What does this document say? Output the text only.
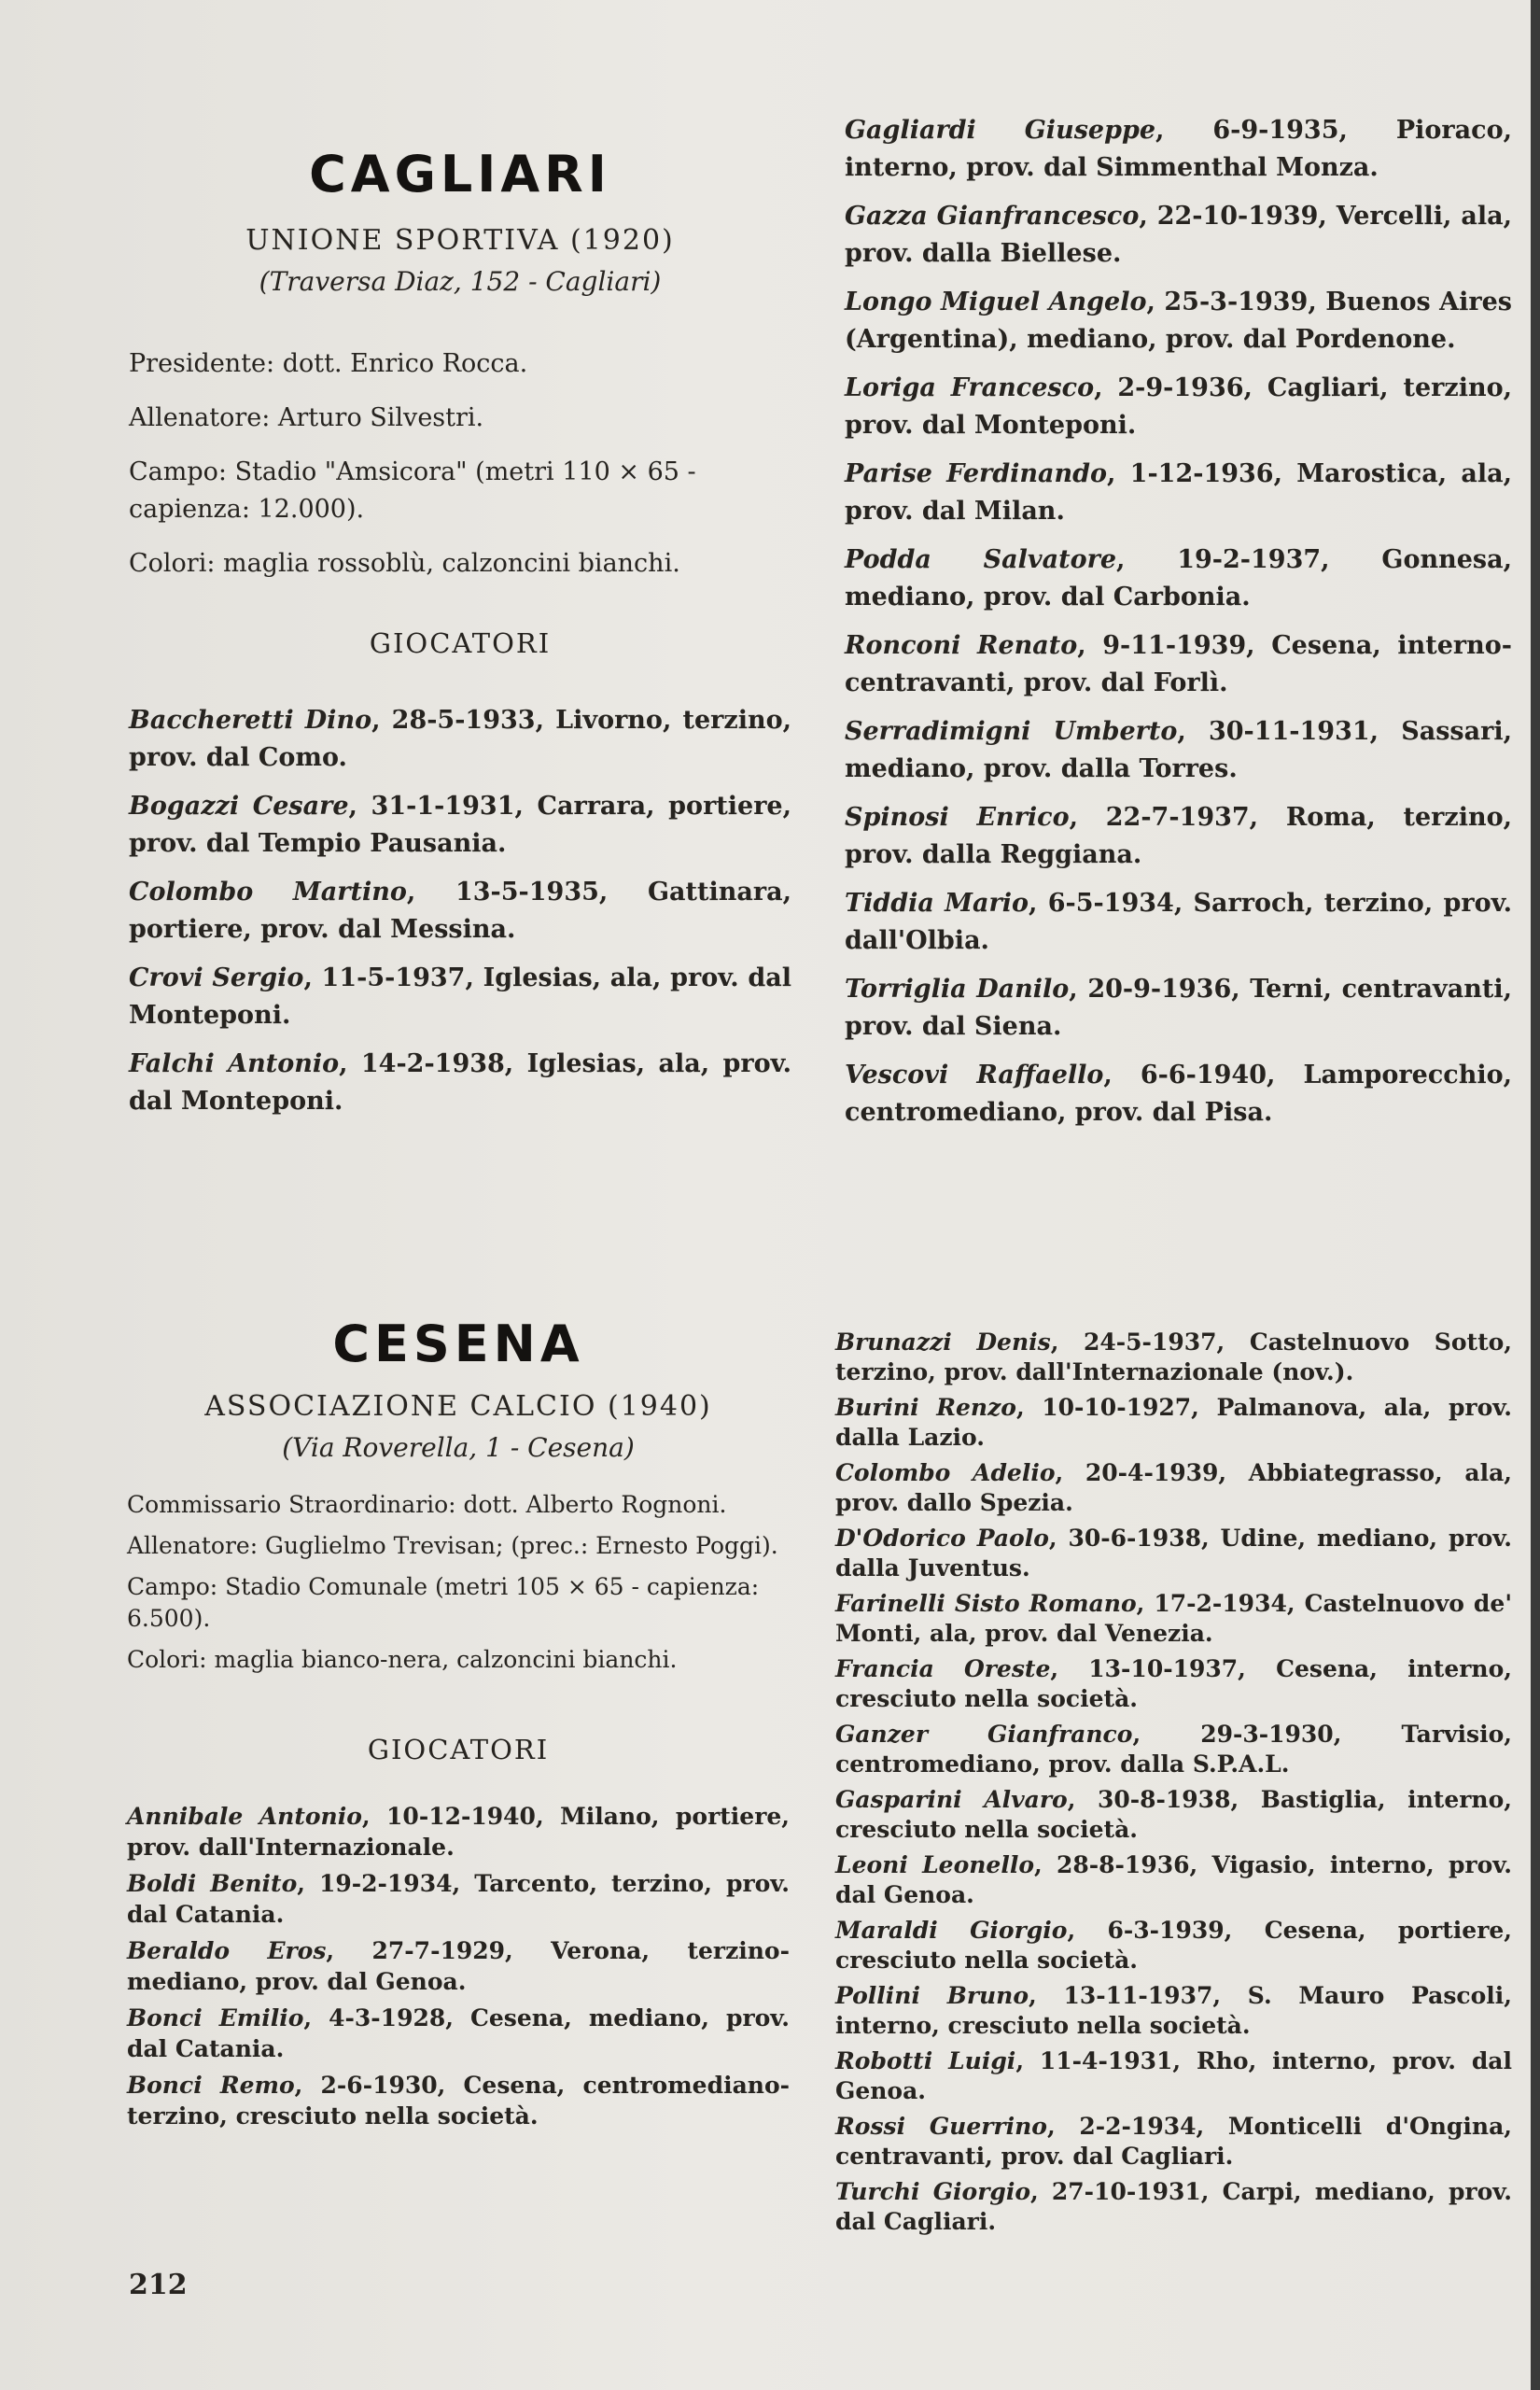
CAGLIARI
UNIONE SPORTIVA (1920)
(Traversa Diaz, 152 - Cagliari)

Presidente: dott. Enrico Rocca.

Allenatore: Arturo Silvestri.

Campo: Stadio "Amsicora" (metri 110 × 65 - capienza: 12.000).

Colori: maglia rossoblù, calzoncini bianchi.

GIOCATORI

Baccheretti Dino, 28-5-1933, Livorno, terzino, prov. dal Como.

Bogazzi Cesare, 31-1-1931, Carrara, portiere, prov. dal Tempio Pausania.

Colombo Martino, 13-5-1935, Gattinara, portiere, prov. dal Messina.

Crovi Sergio, 11-5-1937, Iglesias, ala, prov. dal Monteponi.

Falchi Antonio, 14-2-1938, Iglesias, ala, prov. dal Monteponi.

Gagliardi Giuseppe, 6-9-1935, Pioraco, interno, prov. dal Simmenthal Monza.

Gazza Gianfrancesco, 22-10-1939, Vercelli, ala, prov. dalla Biellese.

Longo Miguel Angelo, 25-3-1939, Buenos Aires (Argentina), mediano, prov. dal Pordenone.

Loriga Francesco, 2-9-1936, Cagliari, terzino, prov. dal Monteponi.

Parise Ferdinando, 1-12-1936, Marostica, ala, prov. dal Milan.

Podda Salvatore, 19-2-1937, Gonnesa, mediano, prov. dal Carbonia.

Ronconi Renato, 9-11-1939, Cesena, interno-centravanti, prov. dal Forlì.

Serradimigni Umberto, 30-11-1931, Sassari, mediano, prov. dalla Torres.

Spinosi Enrico, 22-7-1937, Roma, terzino, prov. dalla Reggiana.

Tiddia Mario, 6-5-1934, Sarroch, terzino, prov. dall'Olbia.

Torriglia Danilo, 20-9-1936, Terni, centravanti, prov. dal Siena.

Vescovi Raffaello, 6-6-1940, Lamporecchio, centromediano, prov. dal Pisa.

CESENA
ASSOCIAZIONE CALCIO (1940)
(Via Roverella, 1 - Cesena)

Commissario Straordinario: dott. Alberto Rognoni.

Allenatore: Guglielmo Trevisan; (prec.: Ernesto Poggi).

Campo: Stadio Comunale (metri 105 × 65 - capienza: 6.500).

Colori: maglia bianco-nera, calzoncini bianchi.

GIOCATORI

Annibale Antonio, 10-12-1940, Milano, portiere, prov. dall'Internazionale.

Boldi Benito, 19-2-1934, Tarcento, terzino, prov. dal Catania.

Beraldo Eros, 27-7-1929, Verona, terzino-mediano, prov. dal Genoa.

Bonci Emilio, 4-3-1928, Cesena, mediano, prov. dal Catania.

Bonci Remo, 2-6-1930, Cesena, centromediano-terzino, cresciuto nella società.

Brunazzi Denis, 24-5-1937, Castelnuovo Sotto, terzino, prov. dall'Internazionale (nov.).

Burini Renzo, 10-10-1927, Palmanova, ala, prov. dalla Lazio.

Colombo Adelio, 20-4-1939, Abbiategrasso, ala, prov. dallo Spezia.

D'Odorico Paolo, 30-6-1938, Udine, mediano, prov. dalla Juventus.

Farinelli Sisto Romano, 17-2-1934, Castelnuovo de' Monti, ala, prov. dal Venezia.

Francia Oreste, 13-10-1937, Cesena, interno, cresciuto nella società.

Ganzer Gianfranco, 29-3-1930, Tarvisio, centromediano, prov. dalla S.P.A.L.

Gasparini Alvaro, 30-8-1938, Bastiglia, interno, cresciuto nella società.

Leoni Leonello, 28-8-1936, Vigasio, interno, prov. dal Genoa.

Maraldi Giorgio, 6-3-1939, Cesena, portiere, cresciuto nella società.

Pollini Bruno, 13-11-1937, S. Mauro Pascoli, interno, cresciuto nella società.

Robotti Luigi, 11-4-1931, Rho, interno, prov. dal Genoa.

Rossi Guerrino, 2-2-1934, Monticelli d'Ongina, centravanti, prov. dal Cagliari.

Turchi Giorgio, 27-10-1931, Carpi, mediano, prov. dal Cagliari.

212
